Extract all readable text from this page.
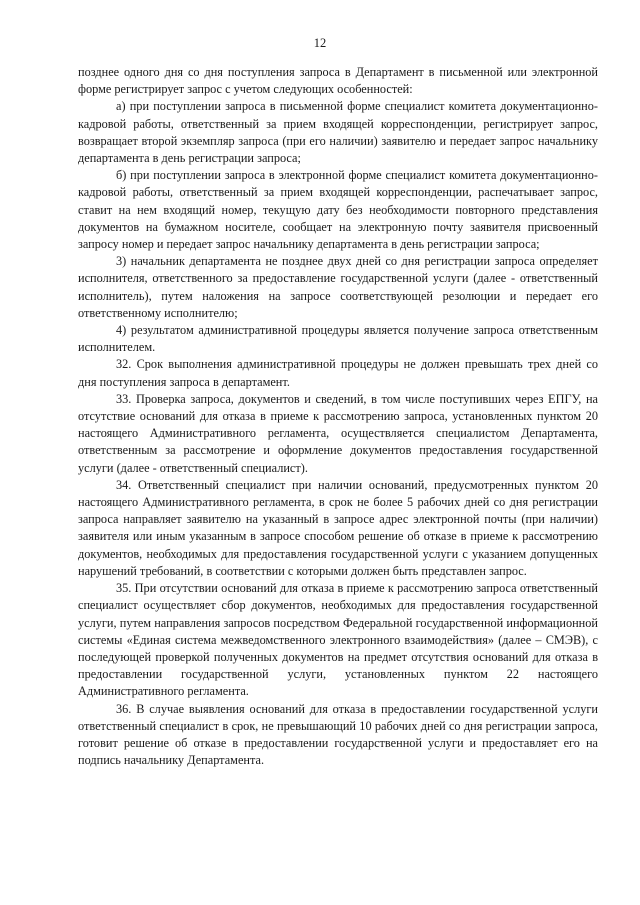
12

позднее одного дня со дня поступления запроса в Департамент в письменной или электронной форме регистрирует запрос с учетом следующих особенностей:

а) при поступлении запроса в письменной форме специалист комитета документационно-кадровой работы, ответственный за прием входящей корреспонденции, регистрирует запрос, возвращает второй экземпляр запроса (при его наличии) заявителю и передает запрос начальнику департамента в день регистрации запроса;

б) при поступлении запроса в электронной форме специалист комитета документационно-кадровой работы, ответственный за прием входящей корреспонденции, распечатывает запрос, ставит на нем входящий номер, текущую дату без необходимости повторного представления документов на бумажном носителе, сообщает на электронную почту заявителя присвоенный запросу номер и передает запрос начальнику департамента в день регистрации запроса;

3) начальник департамента не позднее двух дней со дня регистрации запроса определяет исполнителя, ответственного за предоставление государственной услуги (далее - ответственный исполнитель), путем наложения на запросе соответствующей резолюции и передает его ответственному исполнителю;

4) результатом административной процедуры является получение запроса ответственным исполнителем.

32. Срок выполнения административной процедуры не должен превышать трех дней со дня поступления запроса в департамент.

33. Проверка запроса, документов и сведений, в том числе поступивших через ЕПГУ, на отсутствие оснований для отказа в приеме к рассмотрению запроса, установленных пунктом 20 настоящего Административного регламента, осуществляется специалистом Департамента, ответственным за рассмотрение и оформление документов предоставления государственной услуги (далее - ответственный специалист).

34. Ответственный специалист при наличии оснований, предусмотренных пунктом 20 настоящего Административного регламента, в срок не более 5 рабочих дней со дня регистрации запроса направляет заявителю на указанный в запросе адрес электронной почты (при наличии) заявителя или иным указанным в запросе способом решение об отказе в приеме к рассмотрению документов, необходимых для предоставления государственной услуги с указанием допущенных нарушений требований, в соответствии с которыми должен быть представлен запрос.

35. При отсутствии оснований для отказа в приеме к рассмотрению запроса ответственный специалист осуществляет сбор документов, необходимых для предоставления государственной услуги, путем направления запросов посредством Федеральной государственной информационной системы «Единая система межведомственного электронного взаимодействия» (далее – СМЭВ), с последующей проверкой полученных документов на предмет отсутствия оснований для отказа в предоставлении государственной услуги, установленных пунктом 22 настоящего Административного регламента.

36. В случае выявления оснований для отказа в предоставлении государственной услуги ответственный специалист в срок, не превышающий 10 рабочих дней со дня регистрации запроса, готовит решение об отказе в предоставлении государственной услуги и предоставляет его на подпись начальнику Департамента.
